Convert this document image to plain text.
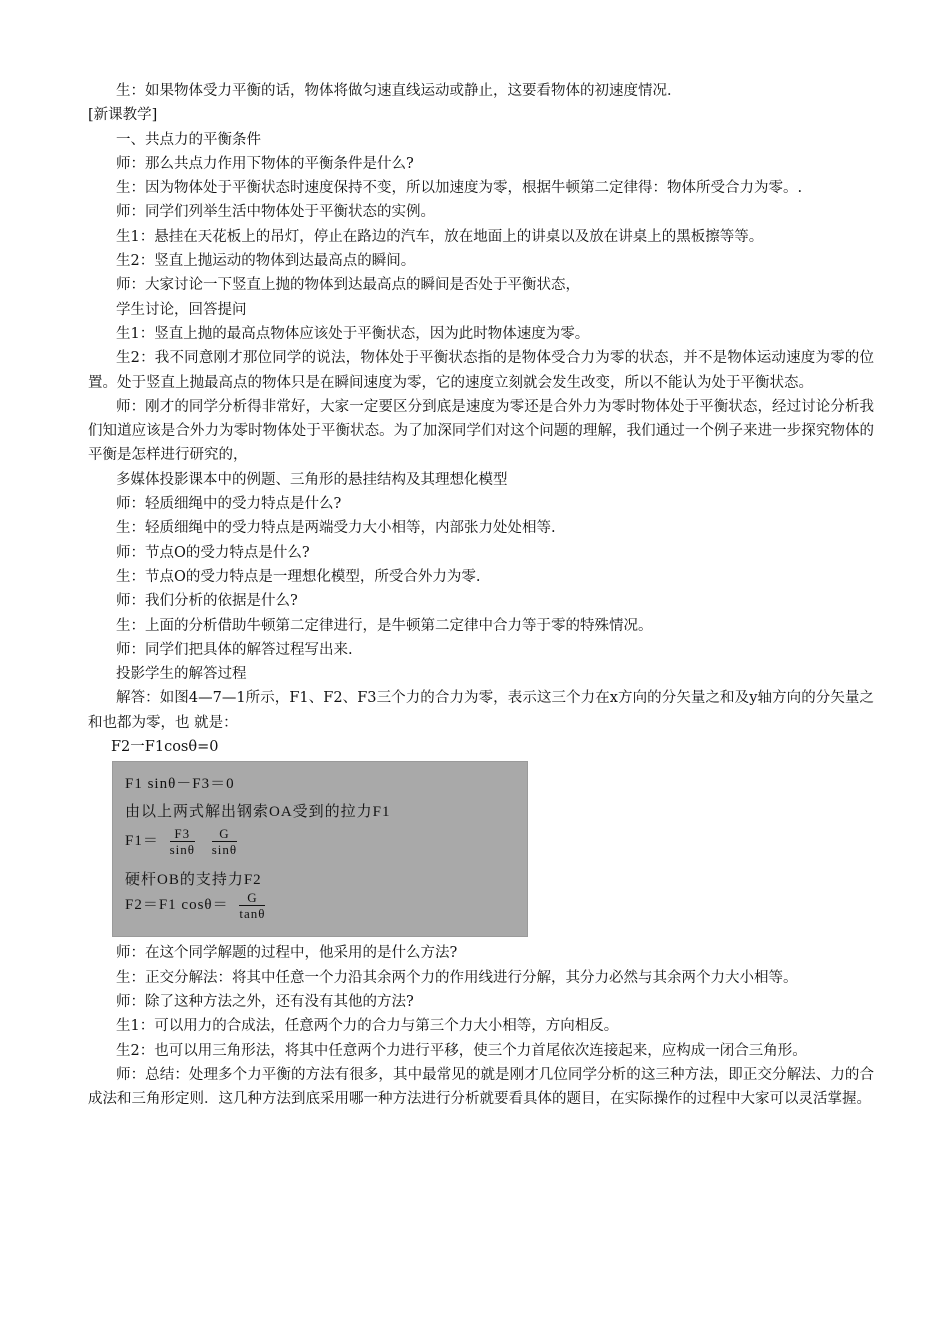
生：如果物体受力平衡的话，物体将做匀速直线运动或静止，这要看物体的初速度情况．

[新课教学]

一、共点力的平衡条件

师：那么共点力作用下物体的平衡条件是什么?

生：因为物体处于平衡状态时速度保持不变，所以加速度为零，根据牛顿第二定律得：物体所受合力为零。.

师：同学们列举生活中物体处于平衡状态的实例。

生1：悬挂在天花板上的吊灯，停止在路边的汽车，放在地面上的讲桌以及放在讲桌上的黑板擦等等。

生2：竖直上抛运动的物体到达最高点的瞬间。

师：大家讨论一下竖直上抛的物体到达最高点的瞬间是否处于平衡状态，

学生讨论，回答提问

生1：竖直上抛的最高点物体应该处于平衡状态，因为此时物体速度为零。

生2：我不同意刚才那位同学的说法，物体处于平衡状态指的是物体受合力为零的状态，并不是物体运动速度为零的位置。处于竖直上抛最高点的物体只是在瞬间速度为零，它的速度立刻就会发生改变，所以不能认为处于平衡状态。

师：刚才的同学分析得非常好，大家一定要区分到底是速度为零还是合外力为零时物体处于平衡状态，经过讨论分析我们知道应该是合外力为零时物体处于平衡状态。为了加深同学们对这个问题的理解，我们通过一个例子来进一步探究物体的平衡是怎样进行研究的，

多媒体投影课本中的例题、三角形的悬挂结构及其理想化模型

师：轻质细绳中的受力特点是什么?

生：轻质细绳中的受力特点是两端受力大小相等，内部张力处处相等.

师：节点O的受力特点是什么?

生：节点O的受力特点是一理想化模型，所受合外力为零.

师：我们分析的依据是什么?

生：上面的分析借助牛顿第二定律进行，是牛顿第二定律中合力等于零的特殊情况。

师：同学们把具体的解答过程写出来.

投影学生的解答过程

解答：如图4—7—1所示，F1、F2、F3三个力的合力为零，表示这三个力在x方向的分矢量之和及y轴方向的分矢量之和也都为零，也 就是：

F2一F1cosθ=0

F1 sinθ－F3＝0
由以上两式解出钢索OA受到的拉力F1
$F1= \frac{F3}{\sin\theta}$
$\frac{G}{\sin\theta}$
硬杆OB的支持力F2
F2＝F1 $\cos\theta= \frac{G}{\tan\theta}$

师：在这个同学解题的过程中，他采用的是什么方法?

生：正交分解法：将其中任意一个力沿其余两个力的作用线进行分解，其分力必然与其余两个力大小相等。

师：除了这种方法之外，还有没有其他的方法?

生1：可以用力的合成法，任意两个力的合力与第三个力大小相等，方向相反。

生2：也可以用三角形法，将其中任意两个力进行平移，使三个力首尾依次连接起来，应构成一闭合三角形。

师：总结：处理多个力平衡的方法有很多，其中最常见的就是刚才几位同学分析的这三种方法，即正交分解法、力的合成法和三角形定则．这几种方法到底采用哪一种方法进行分析就要看具体的题目，在实际操作的过程中大家可以灵活掌握。
